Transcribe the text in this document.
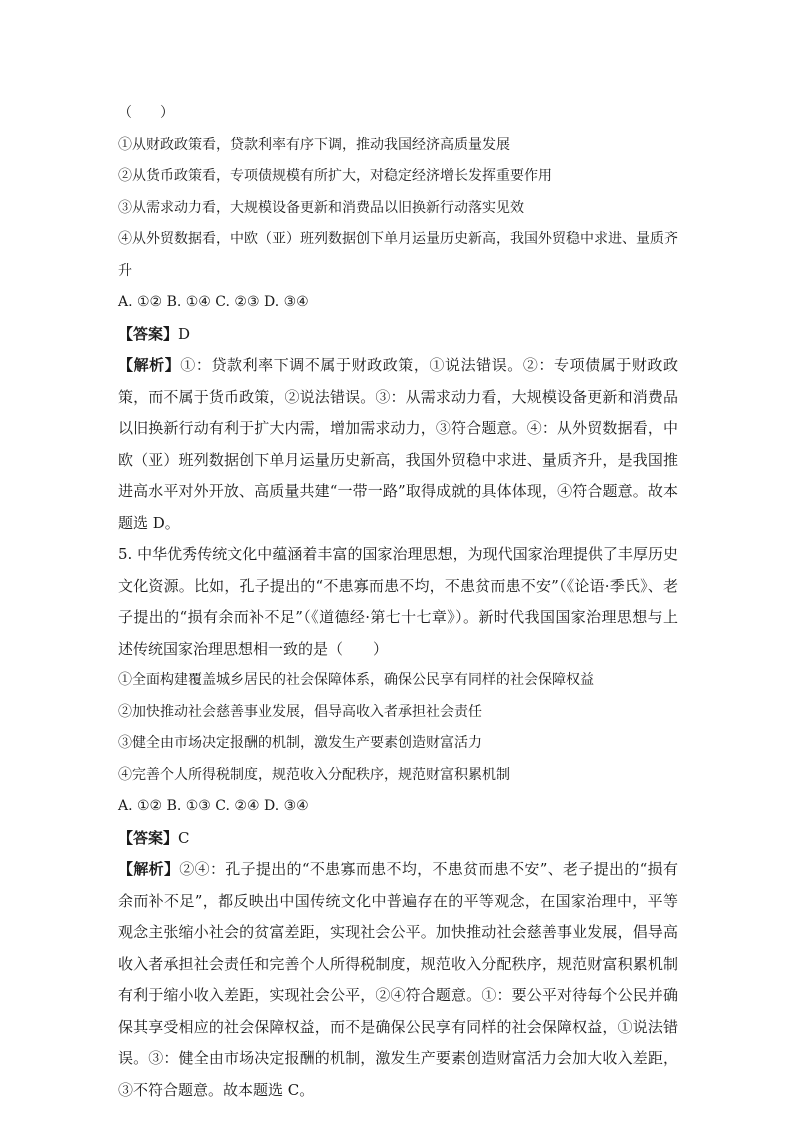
（　　）
①从财政政策看，贷款利率有序下调，推动我国经济高质量发展
②从货币政策看，专项债规模有所扩大，对稳定经济增长发挥重要作用
③从需求动力看，大规模设备更新和消费品以旧换新行动落实见效
④从外贸数据看，中欧（亚）班列数据创下单月运量历史新高，我国外贸稳中求进、量质齐升
A. ①② B. ①④ C. ②③ D. ③④
【答案】D
【解析】①：贷款利率下调不属于财政政策，①说法错误。②：专项债属于财政政策，而不属于货币政策，②说法错误。③：从需求动力看，大规模设备更新和消费品以旧换新行动有利于扩大内需，增加需求动力，③符合题意。④：从外贸数据看，中欧（亚）班列数据创下单月运量历史新高，我国外贸稳中求进、量质齐升，是我国推进高水平对外开放、高质量共建“一带一路”取得成就的具体体现，④符合题意。故本题选 D。
5. 中华优秀传统文化中蕴涵着丰富的国家治理思想，为现代国家治理提供了丰厚历史文化资源。比如，孔子提出的“不患寡而患不均，不患贫而患不安”（《论语·季氏》、老子提出的“损有余而补不足”（《道德经·第七十七章》）。新时代我国国家治理思想与上述传统国家治理思想相一致的是（　　）
①全面构建覆盖城乡居民的社会保障体系，确保公民享有同样的社会保障权益
②加快推动社会慈善事业发展，倡导高收入者承担社会责任
③健全由市场决定报酬的机制，激发生产要素创造财富活力
④完善个人所得税制度，规范收入分配秩序，规范财富积累机制
A. ①② B. ①③ C. ②④ D. ③④
【答案】C
【解析】②④：孔子提出的“不患寡而患不均，不患贫而患不安”、老子提出的“损有余而补不足”，都反映出中国传统文化中普遍存在的平等观念，在国家治理中，平等观念主张缩小社会的贫富差距，实现社会公平。加快推动社会慈善事业发展，倡导高收入者承担社会责任和完善个人所得税制度，规范收入分配秩序，规范财富积累机制有利于缩小收入差距，实现社会公平，②④符合题意。①：要公平对待每个公民并确保其享受相应的社会保障权益，而不是确保公民享有同样的社会保障权益，①说法错误。③：健全由市场决定报酬的机制，激发生产要素创造财富活力会加大收入差距，③不符合题意。故本题选 C。
